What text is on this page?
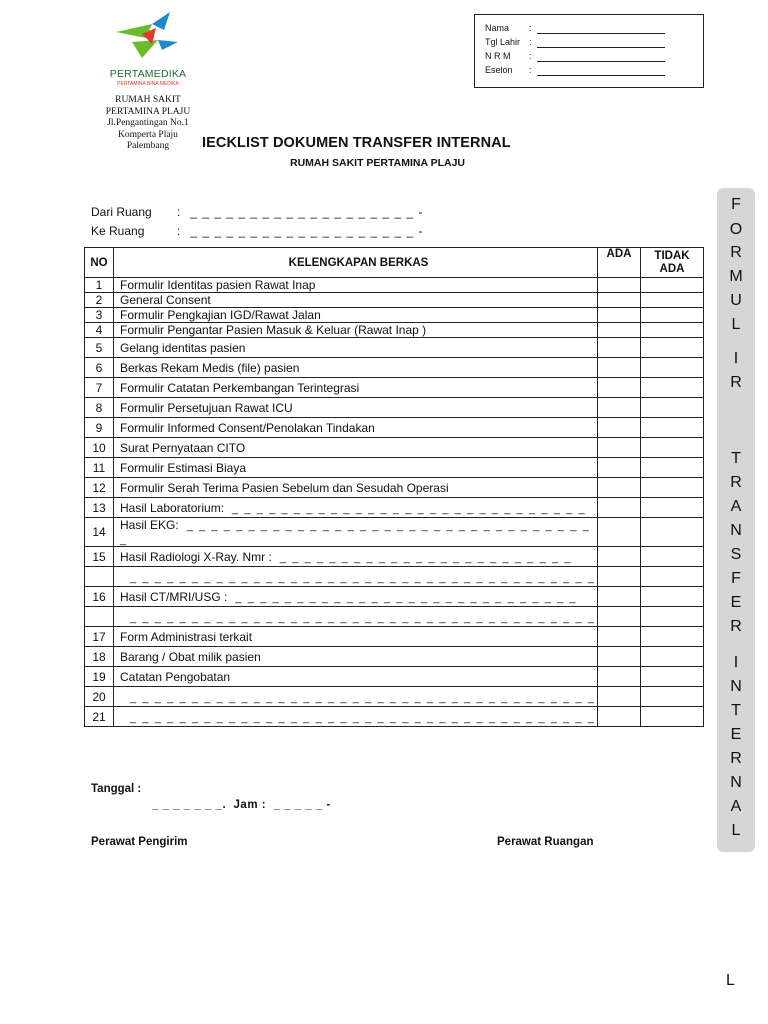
PERTAMEDIKA
PERTAMINA BINA MEDIKA
RUMAH SAKIT
PERTAMINA PLAJU
Jl.Pengantingan No.1
Komperta Plaju
Palembang
Nama :
Tgl Lahir :
N R M :
Eselon :
IECKLIST DOKUMEN TRANSFER INTERNAL
RUMAH SAKIT PERTAMINA PLAJU
Dari Ruang : _ _ _ _ _ _ _ _ _ _ _ _ _ _ _ _ _ _ _ -
Ke Ruang	: _ _ _ _ _ _ _ _ _ _ _ _ _ _ _ _ _ _ _ -
NO	KELENGKAPAN BERKAS	ADA	TIDAK ADA
1	Formulir Identitas pasien Rawat Inap		
2	General Consent		
3	Formulir Pengkajian IGD/Rawat Jalan		
4	Formulir Pengantar Pasien Masuk & Keluar (Rawat Inap )		
5	Gelang identitas pasien		
6	Berkas Rekam Medis (file) pasien		
7	Formulir Catatan Perkembangan Terintegrasi		
8	Formulir Persetujuan Rawat ICU		
9	Formulir Informed Consent/Penolakan Tindakan		
10	Surat Pernyataan CITO		
11	Formulir Estimasi Biaya		
12	Formulir Serah Terima Pasien Sebelum dan Sesudah Operasi		
13	Hasil Laboratorium: _ _ _ _ _ _ _ _ _ _ _ _ _ _ _ _ _ _ _ _ _ _ _ _ _ _ _ _ _		
14	Hasil EKG: _ _ _ _ _ _ _ _ _ _ _ _ _ _ _ _ _ _ _ _ _ _ _ _ _ _ _ _ _ _ _ _ _ _		
15	Hasil Radiologi X-Ray. Nmr : _ _ _ _ _ _ _ _ _ _ _ _ _ _ _ _ _ _ _ _ _ _ _ _		
	_ _ _ _ _ _ _ _ _ _ _ _ _ _ _ _ _ _ _ _ _ _ _ _ _ _ _ _ _ _ _ _ _ _ _ _ _ _		
16	Hasil CT/MRI/USG : _ _ _ _ _ _ _ _ _ _ _ _ _ _ _ _ _ _ _ _ _ _ _ _ _ _ _ _		
	_ _ _ _ _ _ _ _ _ _ _ _ _ _ _ _ _ _ _ _ _ _ _ _ _ _ _ _ _ _ _ _ _ _ _ _ _ _		
17	Form Administrasi terkait		
18	Barang / Obat milik pasien		
19	Catatan Pengobatan		
20	_ _ _ _ _ _ _ _ _ _ _ _ _ _ _ _ _ _ _ _ _ _ _ _ _ _ _ _ _ _ _ _ _ _ _ _ _ _		
21	_ _ _ _ _ _ _ _ _ _ _ _ _ _ _ _ _ _ _ _ _ _ _ _ _ _ _ _ _ _ _ _ _ _ _ _ _ _		
Tanggal :
_ _ _ _ _ _ _. Jam : _ _ _ _ _ -
Perawat Pengirim	Perawat Ruangan
F
O
R
M
U
L
I
R
T
R
A
N
S
F
E
R
I
N
T
E
R
N
A
L
L
